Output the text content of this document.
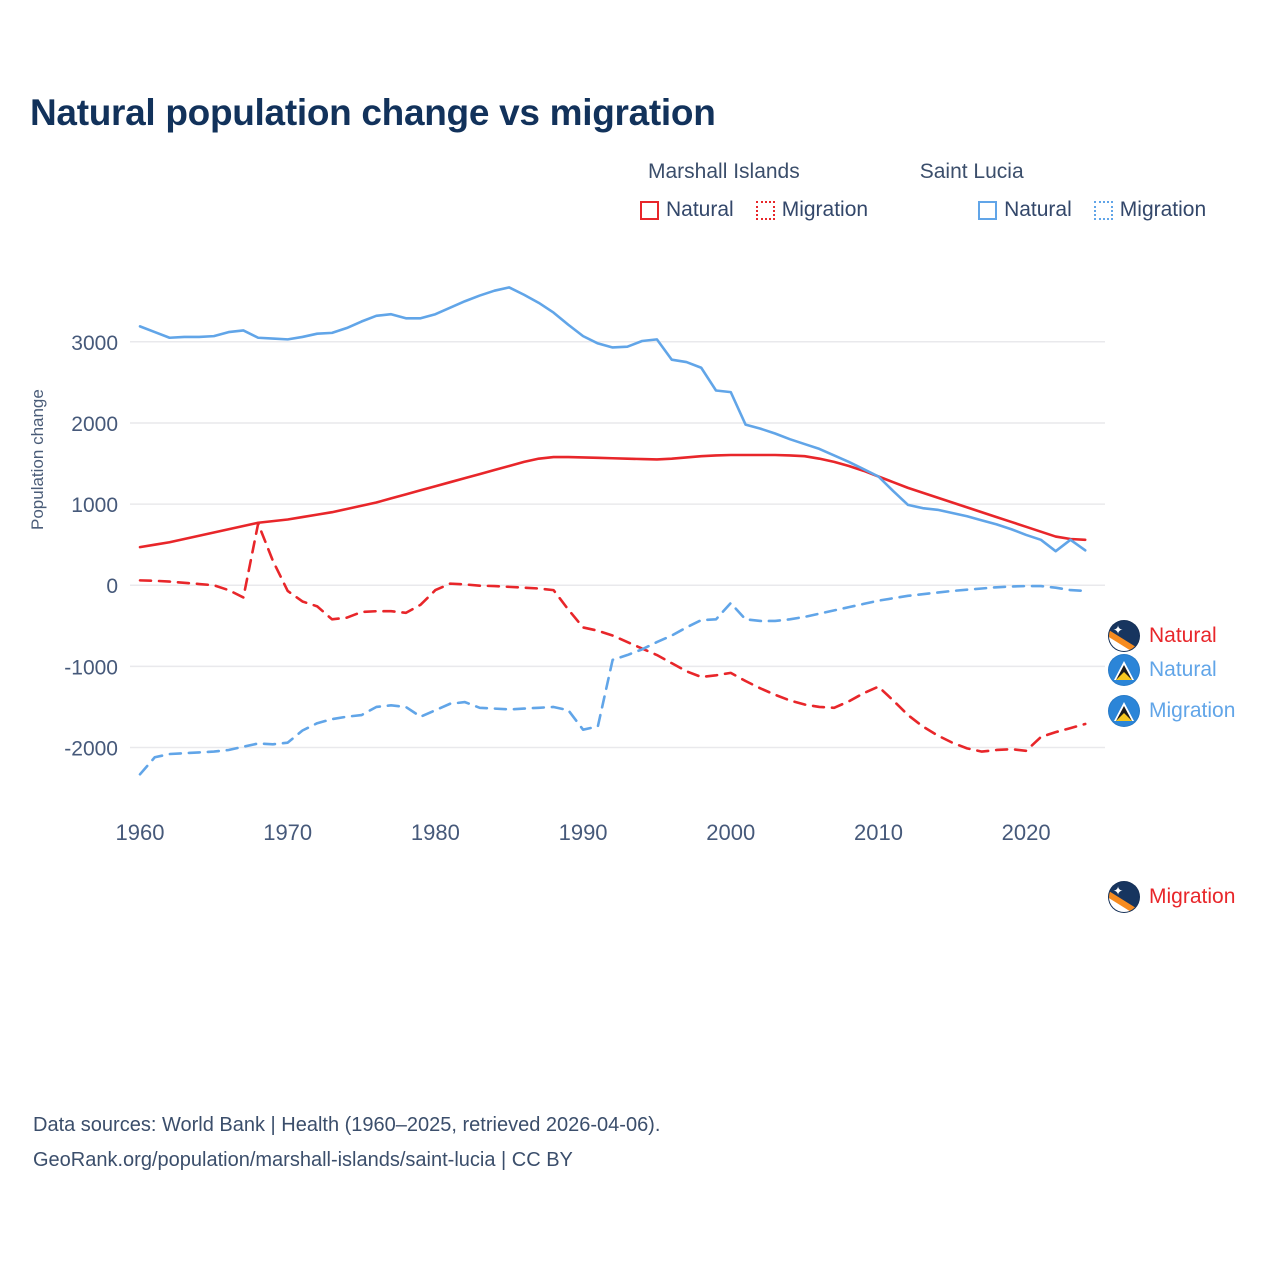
Natural population change vs migration
Marshall Islands	Saint Lucia
Natural Migration	Natural Migration
-2000
-1000
0
1000
2000
3000
1960	1970	1980	1990	2000	2010	2020
Population change
✦ Natural
Natural
Migration
✦ Migration
Data sources: World Bank | Health (1960–2025, retrieved 2026-04-06).
GeoRank.org/population/marshall-islands/saint-lucia | CC BY
